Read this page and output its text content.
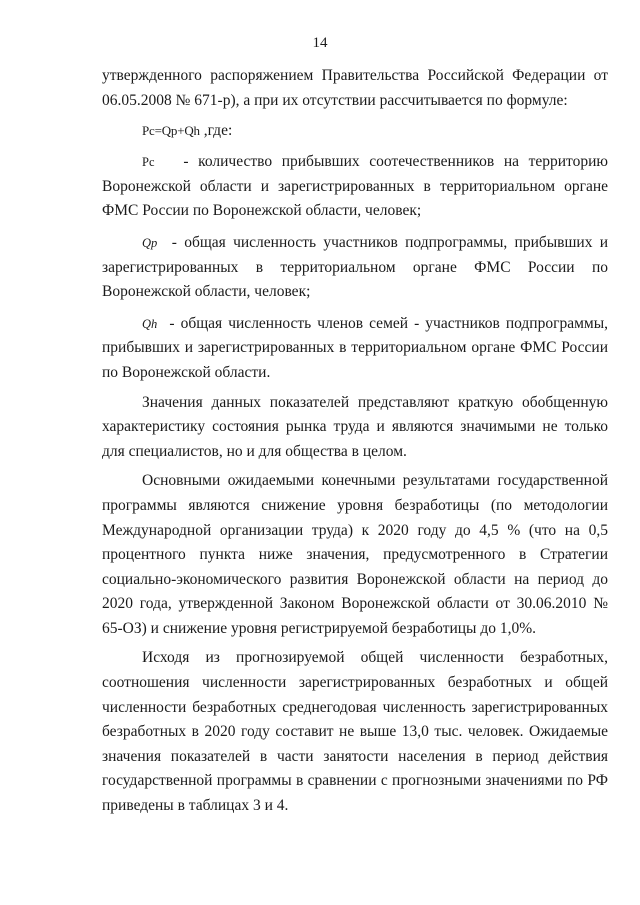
14

утвержденного распоряжением Правительства Российской Федерации от 06.05.2008 № 671-р), а при их отсутствии рассчитывается по формуле:

Рс=Qp+Qh ,где:

Рс - количество прибывших соотечественников на территорию Воронежской области и зарегистрированных в территориальном органе ФМС России по Воронежской области, человек;

Qp - общая численность участников подпрограммы, прибывших и зарегистрированных в территориальном органе ФМС России по Воронежской области, человек;

Qh - общая численность членов семей - участников подпрограммы, прибывших и зарегистрированных в территориальном органе ФМС России по Воронежской области.

Значения данных показателей представляют краткую обобщенную характеристику состояния рынка труда и являются значимыми не только для специалистов, но и для общества в целом.

Основными ожидаемыми конечными результатами государственной программы являются снижение уровня безработицы (по методологии Международной организации труда) к 2020 году до 4,5 % (что на 0,5 процентного пункта ниже значения, предусмотренного в Стратегии социально-экономического развития Воронежской области на период до 2020 года, утвержденной Законом Воронежской области от 30.06.2010 № 65-ОЗ) и снижение уровня регистрируемой безработицы до 1,0%.

Исходя из прогнозируемой общей численности безработных, соотношения численности зарегистрированных безработных и общей численности безработных среднегодовая численность зарегистрированных безработных в 2020 году составит не выше 13,0 тыс. человек. Ожидаемые значения показателей в части занятости населения в период действия государственной программы в сравнении с прогнозными значениями по РФ приведены в таблицах 3 и 4.
